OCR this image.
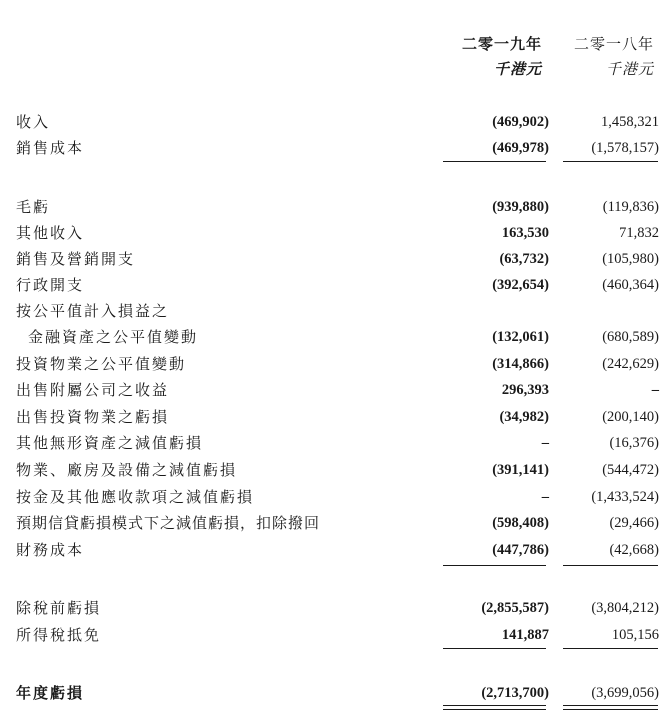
二零一九年 二零一八年
千港元	千港元
收入	(469,902)	1,458,321
銷售成本	(469,978)	(1,578,157)
毛虧	(939,880)	(119,836)
其他收入	163,530	71,832
銷售及營銷開支	(63,732)	(105,980)
行政開支	(392,654)	(460,364)
按公平值計入損益之
金融資產之公平值變動	(132,061)	(680,589)
投資物業之公平值變動	(314,866)	(242,629)
出售附屬公司之收益	296,393	–
出售投資物業之虧損	(34,982)	(200,140)
其他無形資產之減值虧損	–	(16,376)
物業、廠房及設備之減值虧損	(391,141)	(544,472)
按金及其他應收款項之減值虧損	–	(1,433,524)
預期信貸虧損模式下之減值虧損，扣除撥回	(598,408)	(29,466)
財務成本	(447,786)	(42,668)
除稅前虧損	(2,855,587)	(3,804,212)
所得稅抵免	141,887	105,156
年度虧損	(2,713,700)	(3,699,056)
